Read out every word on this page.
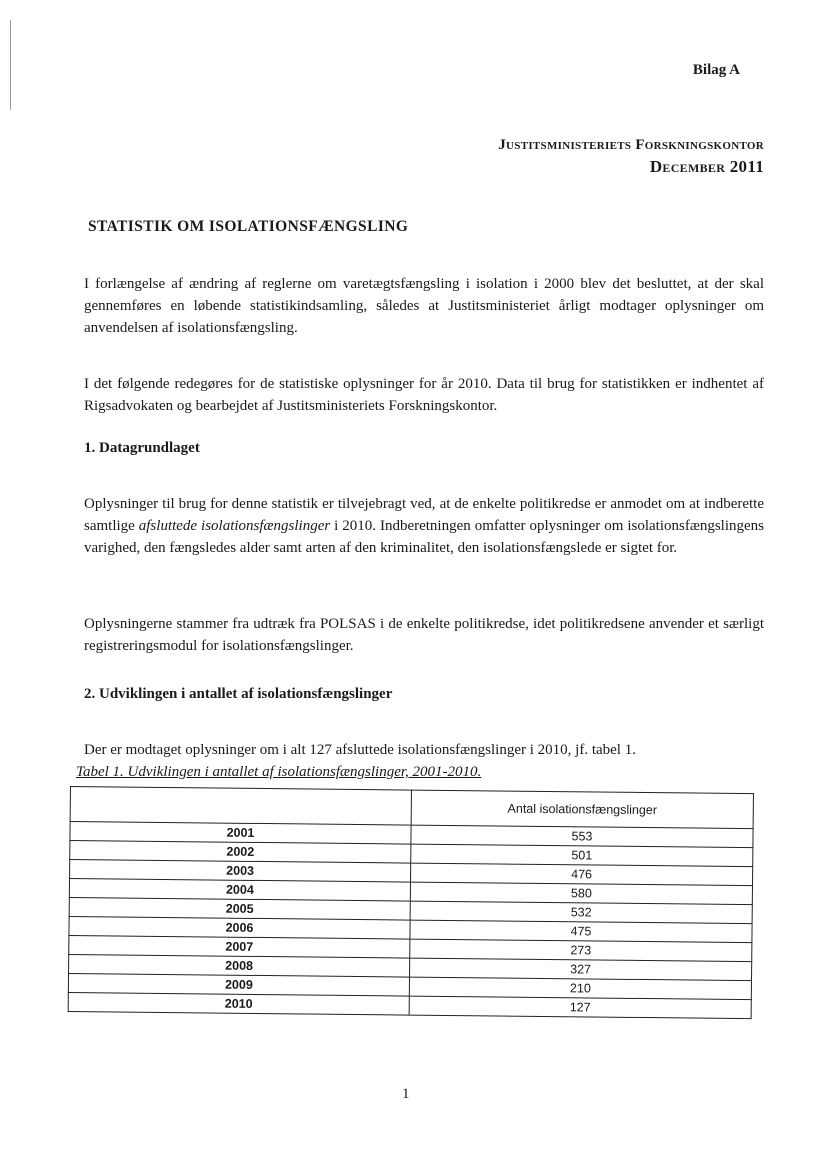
Bilag A
Justitsministeriets Forskningskontor
December 2011
STATISTIK OM ISOLATIONSFÆNGSLING

I forlængelse af ændring af reglerne om varetægtsfængsling i isolation i 2000 blev det besluttet, at der skal gennemføres en løbende statistikindsamling, således at Justitsministeriet årligt modtager oplysninger om anvendelsen af isolationsfængsling.

I det følgende redegøres for de statistiske oplysninger for år 2010. Data til brug for statistikken er indhentet af Rigsadvokaten og bearbejdet af Justitsministeriets Forskningskontor.

1. Datagrundlaget

Oplysninger til brug for denne statistik er tilvejebragt ved, at de enkelte politikredse er anmodet om at indberette samtlige afsluttede isolationsfængslinger i 2010. Indberetningen omfatter oplysninger om isolationsfængslingens varighed, den fængsledes alder samt arten af den kriminalitet, den isolationsfængslede er sigtet for.

Oplysningerne stammer fra udtræk fra POLSAS i de enkelte politikredse, idet politikredsene anvender et særligt registreringsmodul for isolationsfængslinger.

2. Udviklingen i antallet af isolationsfængslinger

Der er modtaget oplysninger om i alt 127 afsluttede isolationsfængslinger i 2010, jf. tabel 1.

Tabel 1. Udviklingen i antallet af isolationsfængslinger, 2001-2010.
	Antal isolationsfængslinger
2001	553
2002	501
2003	476
2004	580
2005	532
2006	475
2007	273
2008	327
2009	210
2010	127
1
